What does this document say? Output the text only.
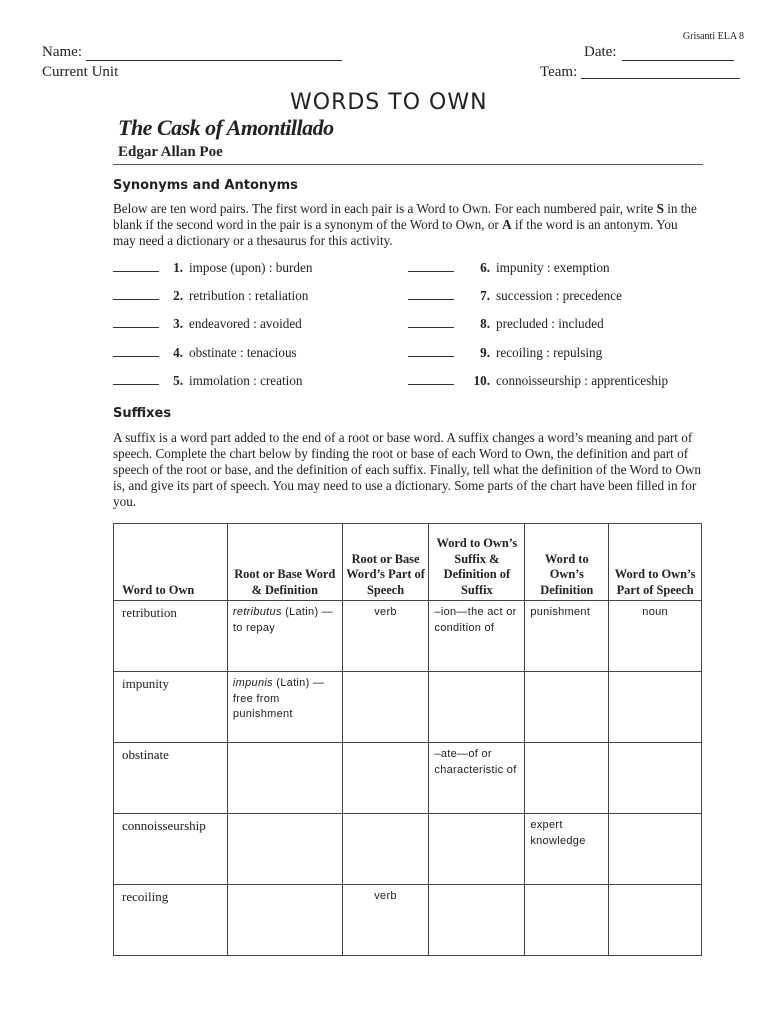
Grisanti ELA 8
Name:
Current Unit
Date:
Team:
WORDS TO OWN
The Cask of Amontillado
Edgar Allan Poe
Synonyms and Antonyms
Below are ten word pairs. The first word in each pair is a Word to Own. For each numbered pair, write S in the blank if the second word in the pair is a synonym of the Word to Own, or A if the word is an antonym. You may need a dictionary or a thesaurus for this activity.
1. impose (upon) : burden
2. retribution : retaliation
3. endeavored : avoided
4. obstinate : tenacious
5. immolation : creation
6. impunity : exemption
7. succession : precedence
8. precluded : included
9. recoiling : repulsing
10. connoisseurship : apprenticeship
Suffixes
A suffix is a word part added to the end of a root or base word. A suffix changes a word’s meaning and part of speech. Complete the chart below by finding the root or base of each Word to Own, the definition and part of speech of the root or base, and the definition of each suffix. Finally, tell what the definition of the Word to Own is, and give its part of speech. You may need to use a dictionary. Some parts of the chart have been filled in for you.
Word to Own	Root or Base Word & Definition	Root or Base Word’s Part of Speech	Word to Own’s Suffix & Definition of Suffix	Word to Own’s Definition	Word to Own’s Part of Speech
retribution	retributus (Latin) —to repay	verb	–ion—the act or condition of	punishment	noun
impunity	impunis (Latin) —free from punishment				
obstinate			–ate—of or characteristic of		
connoisseurship				expert knowledge	
recoiling		verb			
